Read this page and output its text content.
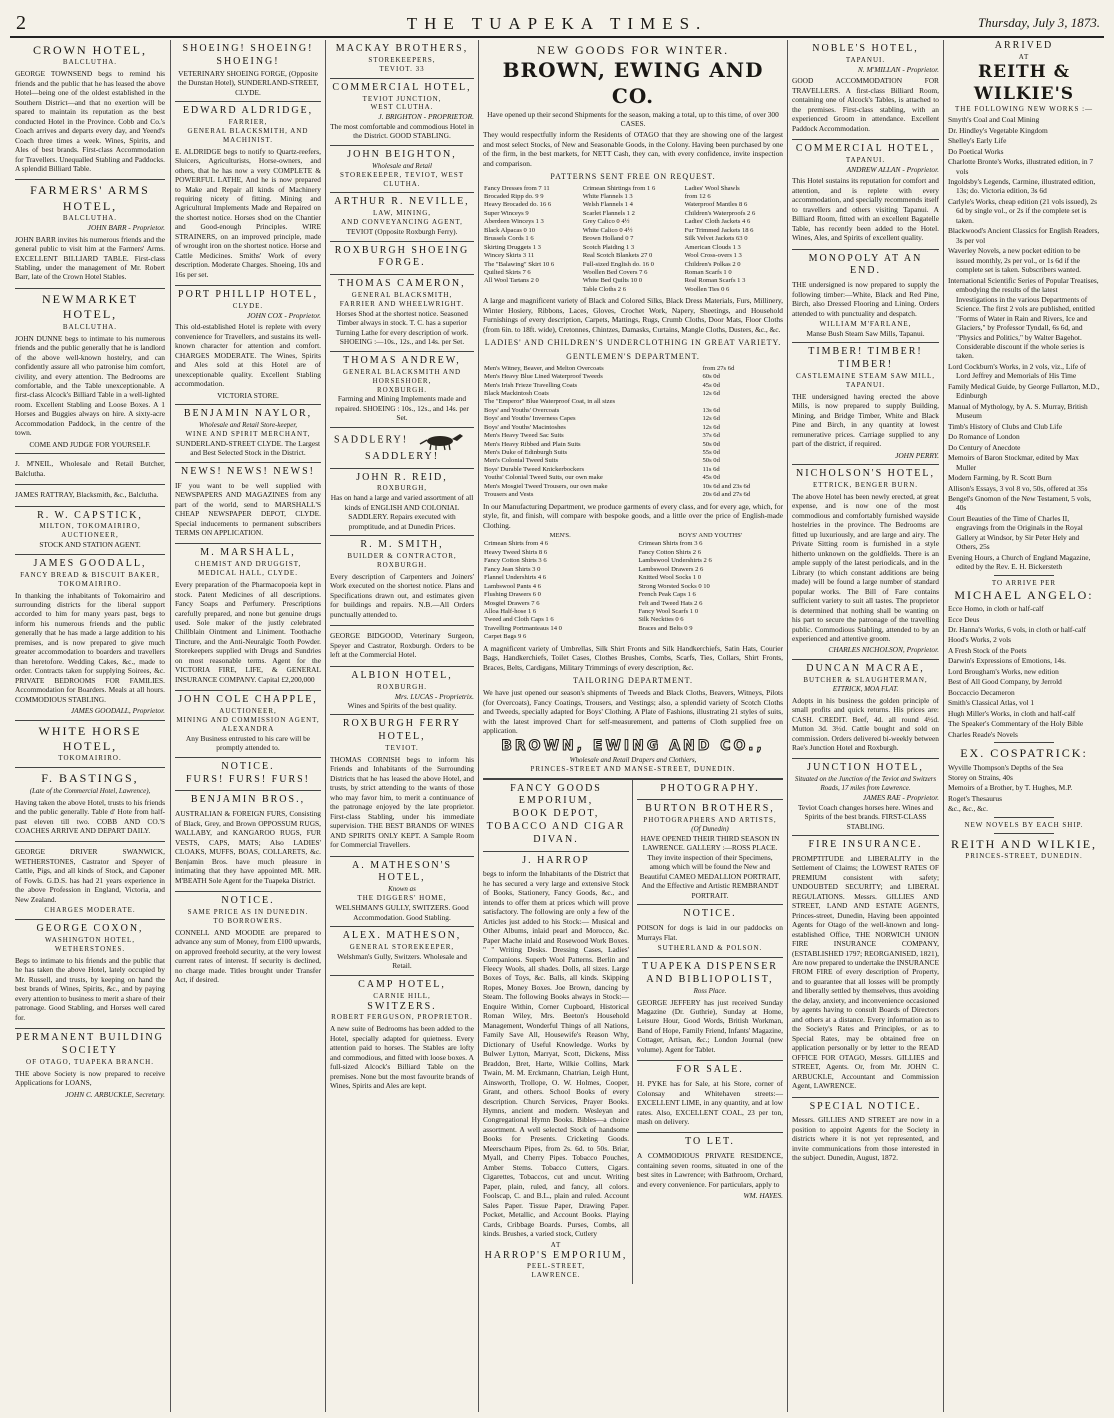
2	THE TUAPEKA TIMES.	Thursday, July 3, 1873.
CROWN HOTEL,
BALCLUTHA.
GEORGE TOWNSEND begs to remind his friends and the public that he has leased the above Hotel—being one of the oldest established in the Southern District—and that no exertion will be spared to maintain its reputation as the best conducted Hotel in the Province. Cobb and Co.'s Coach arrives and departs every day, and Yeend's Coach three times a week. Wines, Spirits, and Ales of best brands. First-class Accommodation for Travellers. Unequalled Stabling and Paddocks. A splendid Billiard Table.
FARMERS' ARMS HOTEL,
BALCLUTHA.
JOHN BARR - Proprietor.
JOHN BARR invites his numerous friends and the general public to visit him at the Farmers' Arms. EXCELLENT BILLIARD TABLE. First-class Stabling, under the management of Mr. Robert Barr, late of the Crown Hotel Stables.
NEWMARKET HOTEL,
BALCLUTHA.
JOHN DUNNE begs to intimate to his numerous friends and the public generally that he is landlord of the above well-known hostelry, and can confidently assure all who patronise him comfort, civility, and every attention. The Bedrooms are comfortable, and the Table unexceptionable. A first-class Alcock's Billiard Table in a well-lighted room. Excellent Stabling and Loose Boxes. A 1 Horses and Buggies always on hire. A sixty-acre Accommodation Paddock, in the centre of the town.
COME AND JUDGE FOR YOURSELF.
J. M'NEIL, Wholesale and Retail Butcher, Balclutha.
JAMES RATTRAY, Blacksmith, &c., Balclutha.
R. W. CAPSTICK,
MILTON, TOKOMAIRIRO,
AUCTIONEER,
STOCK AND STATION AGENT.
JAMES GOODALL,
FANCY BREAD & BISCUIT BAKER, TOKOMAIRIRO.
In thanking the inhabitants of Tokomairiro and surrounding districts for the liberal support accorded to him for many years past, begs to inform his numerous friends and the public generally that he has made a large addition to his premises, and is now prepared to give much greater accommodation to boarders and travellers than heretofore. Wedding Cakes, &c., made to order. Contracts taken for supplying Soirees, &c. PRIVATE BEDROOMS FOR FAMILIES. Accommodation for Boarders. Meals at all hours. COMMODIOUS STABLING.
JAMES GOODALL, Proprietor.
WHITE HORSE HOTEL,
TOKOMAIRIRO.
F. BASTINGS,
(Late of the Commercial Hotel, Lawrence),
Having taken the above Hotel, trusts to his friends and the public generally. Table d' Hote from half-past eleven till two. COBB AND CO.'S COACHES ARRIVE AND DEPART DAILY.
GEORGE DRIVER SWANWICK, WETHERSTONES, Castrator and Speyer of Cattle, Pigs, and all kinds of Stock, and Caponer of Fowls. G.D.S. has had 21 years experience in the above Profession in England, Victoria, and New Zealand.
CHARGES MODERATE.
GEORGE COXON,
WASHINGTON HOTEL, WETHERSTONES.
Begs to intimate to his friends and the public that he has taken the above Hotel, lately occupied by Mr. Russell, and trusts, by keeping on hand the best brands of Wines, Spirits, &c., and by paying every attention to business to merit a share of their patronage. Good Stabling, and Horses well cared for.
PERMANENT BUILDING SOCIETY
OF OTAGO, TUAPEKA BRANCH.
THE above Society is now prepared to receive Applications for LOANS,
JOHN C. ARBUCKLE, Secretary.
SHOEING! SHOEING! SHOEING!
VETERINARY SHOEING FORGE, (Opposite the Dunstan Hotel), SUNDERLAND-STREET, CLYDE.
EDWARD ALDRIDGE,
FARRIER,
GENERAL BLACKSMITH, AND MACHINIST.
E. ALDRIDGE begs to notify to Quartz-reefers, Sluicers, Agriculturists, Horse-owners, and others, that he has now a very COMPLETE & POWERFUL LATHE, And he is now prepared to Make and Repair all kinds of Machinery requiring nicety of fitting. Mining and Agricultural Implements Made and Repaired on the shortest notice. Horses shod on the Chantier and Good-enough Principles. WIRE STRAINERS, on an improved principle, made of wrought iron on the shortest notice. Horse and Cattle Medicines. Smiths' Work of every description. Moderate Charges. Shoeing, 10s and 16s per set.
PORT PHILLIP HOTEL,
CLYDE.
JOHN COX - Proprietor.
This old-established Hotel is replete with every convenience for Travellers, and sustains its well-known character for attention and comfort. CHARGES MODERATE. The Wines, Spirits and Ales sold at this Hotel are of unexceptionable quality. Excellent Stabling accommodation.
VICTORIA STORE.
BENJAMIN NAYLOR,
Wholesale and Retail Store-keeper,
WINE AND SPIRIT MERCHANT,
SUNDERLAND-STREET CLYDE. The Largest and Best Selected Stock in the District.
NEWS! NEWS! NEWS!
IF you want to be well supplied with NEWSPAPERS AND MAGAZINES from any part of the world, send to MARSHALL'S CHEAP NEWSPAPER DEPOT, CLYDE. Special inducements to permanent subscribers TERMS ON APPLICATION.
M. MARSHALL,
CHEMIST AND DRUGGIST,
MEDICAL HALL, CLYDE.
Every preparation of the Pharmacopoeia kept in stock. Patent Medicines of all descriptions. Fancy Soaps and Perfumery. Prescriptions carefully prepared, and none but genuine drugs used. Sole maker of the justly celebrated Chillblain Ointment and Liniment. Toothache Tincture, and the Anti-Neuralgic Tooth Powder. Storekeepers supplied with Drugs and Sundries on most reasonable terms. Agent for the VICTORIA FIRE, LIFE, & GENERAL INSURANCE COMPANY. Capital £2,200,000
JOHN COLE CHAPPLE,
AUCTIONEER,
MINING AND COMMISSION AGENT, ALEXANDRA
Any Business entrusted to his care will be promptly attended to.
NOTICE.
FURS! FURS! FURS!
BENJAMIN BROS.,
AUSTRALIAN & FOREIGN FURS, Consisting of Black, Grey, and Brown OPPOSSUM RUGS, WALLABY, and KANGAROO RUGS, FUR VESTS, CAPS, MATS; Also LADIES' CLOAKS, MUFFS, BOAS, COLLARETS, &c. Benjamin Bros. have much pleasure in intimating that they have appointed MR. MR. M'BEATH Sole Agent for the Tuapeka District.
NOTICE.
SAME PRICE AS IN DUNEDIN.
TO BORROWERS.
CONNELL AND MOODIE are prepared to advance any sum of Money, from £100 upwards, on approved freehold security, at the very lowest current rates of interest. If security is declined, no charge made. Titles brought under Transfer Act, if desired.
MACKAY BROTHERS,
STOREKEEPERS,
TEVIOT. 33
COMMERCIAL HOTEL,
TEVIOT JUNCTION,
WEST CLUTHA.
J. BRIGHTON - PROPRIETOR.
The most comfortable and commodious Hotel in the District. GOOD STABLING.
JOHN BEIGHTON,
Wholesale and Retail
STOREKEEPER, TEVIOT, WEST CLUTHA.
ARTHUR R. NEVILLE,
LAW, MINING,
AND CONVEYANCING AGENT,
TEVIOT (Opposite Roxburgh Ferry).
ROXBURGH SHOEING FORGE.
THOMAS CAMERON,
GENERAL BLACKSMITH,
FARRIER AND WHEELWRIGHT.
Horses Shod at the shortest notice. Seasoned Timber always in stock. T. C. has a superior Turning Lathe for every description of work. SHOEING :—10s., 12s., and 14s. per Set.
THOMAS ANDREW,
GENERAL BLACKSMITH AND HORSESHOER,
ROXBURGH.
Farming and Mining Implements made and repaired. SHOEING : 10s., 12s., and 14s. per Set.
SADDLERY!  SADDLERY!
JOHN R. REID,
ROXBURGH,
Has on hand a large and varied assortment of all kinds of ENGLISH AND COLONIAL SADDLERY. Repairs executed with promptitude, and at Dunedin Prices.
R. M. SMITH,
BUILDER & CONTRACTOR,
ROXBURGH.
Every description of Carpenters and Joiners' Work executed on the shortest notice. Plans and Specifications drawn out, and estimates given for buildings and repairs. N.B.—All Orders punctually attended to.
GEORGE BIDGOOD, Veterinary Surgeon, Speyer and Castrator, Roxburgh. Orders to be left at the Commercial Hotel.
ALBION HOTEL,
ROXBURGH.
Mrs. LUCAS - Proprietrix.
Wines and Spirits of the best quality.
ROXBURGH FERRY HOTEL,
TEVIOT.
THOMAS CORNISH begs to inform his Friends and Inhabitants of the Surrounding Districts that he has leased the above Hotel, and trusts, by strict attending to the wants of those who may favor him, to merit a continuance of the patronage enjoyed by the late proprietor. First-class Stabling, under his immediate supervision. THE BEST BRANDS OF WINES AND SPIRITS ONLY KEPT. A Sample Room for Commercial Travellers.
A. MATHESON'S HOTEL,
Known as
THE DIGGERS' HOME,
WELSHMAN'S GULLY, SWITZERS. Good Accommodation. Good Stabling.
ALEX. MATHESON,
GENERAL STOREKEEPER,
Welshman's Gully, Switzers. Wholesale and Retail.
CAMP HOTEL,
CARNIE HILL,
SWITZERS.
ROBERT FERGUSON, PROPRIETOR.
A new suite of Bedrooms has been added to the Hotel, specially adapted for quietness. Every attention paid to horses. The Stables are lofty and commodious, and fitted with loose boxes. A full-sized Alcock's Billiard Table on the premises. None but the most favourite brands of Wines, Spirits and Ales are kept.
NEW GOODS FOR WINTER.
BROWN, EWING AND CO.
Have opened up their second Shipments for the season, making a total, up to this time, of over 300 CASES.
They would respectfully inform the Residents of OTAGO that they are showing one of the largest and most select Stocks, of New and Seasonable Goods, in the Colony. Having been purchased by one of the firm, in the best markets, for NETT Cash, they can, with every confidence, invite inspection and comparison.
PATTERNS SENT FREE ON REQUEST.
Fancy Dresses from 7 11	Crimean Shirtings from 1 6	Ladies' Wool Shawls
Brocaded Ripp do. 9 9	White Flannels 1 3	from 12 6
Heavy Brocaded do. 16 6	Welsh Flannels 1 4	Waterproof Mantles 8 6
Super Winceys 9	Scarlet Flannels 1 2	Children's Waterproofs 2 6
Aberdeen Winceys 1 3	Grey Calico 0 4½	Ladies' Cloth Jackets 4 6
Black Alpacas 0 10	White Calico 0 4½	Fur Trimmed Jackets 18 6
Brussels Cords 1 6	Brown Holland 0 7	Silk Velvet Jackets 63 0
Skirting Druggets 1 3	Scotch Plaiding 1 3	American Clouds 1 3
Wincey Skirts 3 11	Real Scotch Blankets 27 0	Wool Cross-overs 1 3
The "Balawing" Skirt 10 6	Full-sized English do. 16 0	Children's Polkas 2 0
Quilted Skirts 7 6	Woollen Bed Covers 7 6	Roman Scarfs 1 0
All Wool Tartans 2 0	White Bed Quilts 10 0	Real Roman Scarfs 1 3
	Table Cloths 2 6	Woollen Ties 0 6
A large and magnificent variety of Black and Colored Silks, Black Dress Materials, Furs, Millinery, Winter Hosiery, Ribbons, Laces, Gloves, Crochet Work, Napery, Sheetings, and Household Furnishings of every description, Carpets, Mattings, Rugs, Crumb Cloths, Door Mats, Floor Cloths (from 6in. to 18ft. wide), Cretonnes, Chintzes, Damasks, Curtains, Mangle Cloths, Dusters, &c., &c.
LADIES' AND CHILDREN'S UNDERCLOTHING IN GREAT VARIETY.
GENTLEMEN'S DEPARTMENT.
Men's Witney, Beaver, and Melton Overcoats	from 27s 6d
Men's Heavy Blue Lined Waterproof Tweeds	60s 0d
Men's Irish Frieze Travelling Coats	45s 0d
Black Mackintosh Coats	12s 6d
The "Emperor" Blue Waterproof Coat, in all sizes	
Boys' and Youths' Overcoats	13s 6d
Boys' and Youths' Inverness Capes	12s 6d
Boys' and Youths' Macintoshes	12s 6d
Men's Heavy Tweed Sac Suits	37s 6d
Men's Heavy Ribbed and Plain Suits	50s 0d
Men's Duke of Edinburgh Suits	55s 0d
Men's Colonial Tweed Suits	50s 0d
Boys' Durable Tweed Knickerbockers	11s 6d
Youths' Colonial Tweed Suits, our own make	45s 0d
Men's Mosgiel Tweed Trousers, our own make	10s 6d and 23s 6d
Trousers and Vests	20s 6d and 27s 6d
In our Manufacturing Department, we produce garments of every class, and for every age, which, for style, fit, and finish, will compare with bespoke goods, and a little over the price of English-made Clothing.
MEN'S.	BOYS' AND YOUTHS'
Crimean Shirts from 4 6	Crimean Shirts from 3 6
Heavy Tweed Shirts 8 6	Fancy Cotton Shirts 2 6
Fancy Cotton Shirts 3 6	Lambswool Undershirts 2 6
Fancy Jean Shirts 3 0	Lambswool Drawers 2 6
Flannel Undershirts 4 6	Knitted Wool Socks 1 0
Lambswool Pants 4 6	Strong Worsted Socks 0 10
Flushing Drawers 6 0	French Peak Caps 1 6
Mosgiel Drawers 7 6	Felt and Tweed Hats 2 6
Alloa Half-hose 1 6	Fancy Wool Scarfs 1 0
Tweed and Cloth Caps 1 6	Silk Neckties 0 6
Travelling Portmanteaus 14 0	Braces and Belts 0 9
Carpet Bags 9 6	
A magnificent variety of Umbrellas, Silk Shirt Fronts and Silk Handkerchiefs, Satin Hats, Courier Bags, Handkerchiefs, Toilet Cases, Clothes Brushes, Combs, Scarfs, Ties, Collars, Shirt Fronts, Braces, Belts, Cardigans, Military Trimmings of every description, &c.
TAILORING DEPARTMENT.
We have just opened our season's shipments of Tweeds and Black Cloths, Beavers, Witneys, Pilots (for Overcoats), Fancy Coatings, Trousers, and Vestings; also, a splendid variety of Scotch Cloths and Tweeds, specially adapted for Boys' Clothing. A Plate of Fashions, illustrating 21 styles of suits, with the latest improved Chart for self-measurement, and patterns of Cloth supplied free on application.
BROWN, EWING AND CO.,
Wholesale and Retail Drapers and Clothiers,
PRINCES-STREET AND MANSE-STREET, DUNEDIN.
FANCY GOODS EMPORIUM,
BOOK DEPOT,
TOBACCO AND CIGAR DIVAN.
J. HARROP
begs to inform the Inhabitants of the District that he has secured a very large and extensive Stock of Books, Stationery, Fancy Goods, &c., and intends to offer them at prices which will prove satisfactory. The following are only a few of the Articles just added to his Stock:— Musical and Other Albums, inlaid pearl and Morocco, &c. Paper Mache inlaid and Rosewood Work Boxes. " " Writing Desks. Dressing Cases, Ladies' Companions. Superb Wool Patterns. Berlin and Fleecy Wools, all shades. Dolls, all sizes. Large Boxes of Toys, &c. Balls, all kinds. Skipping Ropes, Money Boxes. Joe Brown, dancing by Steam. The following Books always in Stock:—Enquire Within, Corner Cupboard, Historical Roman Wiley, Mrs. Beeton's Household Management, Wonderful Things of all Nations, Family Save All, Housewife's Reason Why, Dictionary of Useful Knowledge. Works by Bulwer Lytton, Marryat, Scott, Dickens, Miss Braddon, Bret, Harte, Wilkie Collins, Mark Twain, M. M. Erckmann, Chatrian, Leigh Hunt, Ainsworth, Trollope, O. W. Holmes, Cooper, Grant, and others. School Books of every description. Church Services, Prayer Books. Hymns, ancient and modern. Wesleyan and Congregational Hymn Books. Bibles—a choice assortment. A well selected Stock of handsome Books for Presents. Cricketing Goods. Meerschaum Pipes, from 2s. 6d. to 50s. Briar, Myall, and Cherry Pipes. Tobacco Pouches, Amber Stems. Tobacco Cutters, Cigars. Cigarettes, Tobaccos, cut and uncut. Writing Paper, plain, ruled, and fancy, all colors. Foolscap, C. and B.L., plain and ruled. Account Sales Paper. Tissue Paper, Drawing Paper. Pocket, Metallic, and Account Books. Playing Cards, Cribbage Boards. Purses, Combs, all kinds. Brushes, a varied stock, Cutlery
AT
HARROP'S EMPORIUM,
PEEL-STREET,
LAWRENCE.
PHOTOGRAPHY.
BURTON BROTHERS,
PHOTOGRAPHERS AND ARTISTS,
(Of Dunedin)
HAVE OPENED THEIR THIRD SEASON IN LAWRENCE. GALLERY :—ROSS PLACE. They invite inspection of their Specimens, among which will be found the New and Beautiful CAMEO MEDALLION PORTRAIT, And the Effective and Artistic REMBRANDT PORTRAIT.
NOTICE.
POISON for dogs is laid in our paddocks on Murrays Flat.
SUTHERLAND & POLSON.
TUAPEKA DISPENSER AND BIBLIOPOLIST,
Ross Place.
GEORGE JEFFERY has just received Sunday Magazine (Dr. Guthrie), Sunday at Home, Leisure Hour, Good Words, British Workman, Band of Hope, Family Friend, Infants' Magazine, Cottager, Artisan, &c.; London Journal (new volume). Agent for Tablet.
FOR SALE.
H. PYKE has for Sale, at his Store, corner of Colonsay and Whitehaven streets:— EXCELLENT LIME, in any quantity, and at low rates. Also, EXCELLENT COAL, 23 per ton, mash on delivery.
TO LET.
A COMMODIOUS PRIVATE RESIDENCE, containing seven rooms, situated in one of the best sites in Lawrence; with Bathroom, Orchard, and every convenience. For particulars, apply to
WM. HAYES.
NOBLE'S HOTEL,
TAPANUI.
N. M'MILLAN - Proprietor.
GOOD ACCOMMODATION FOR TRAVELLERS. A first-class Billiard Room, containing one of Alcock's Tables, is attached to the premises. First-class stabling, with an experienced Groom in attendance. Excellent Paddock Accommodation.
COMMERCIAL HOTEL,
TAPANUI.
ANDREW ALLAN - Proprietor.
This Hotel sustains its reputation for comfort and attention, and is replete with every accommodation, and specially recommends itself to travellers and others visiting Tapanui. A Billiard Room, fitted with an excellent Bagatelle Table, has recently been added to the Hotel. Wines, Ales, and Spirits of excellent quality.
MONOPOLY AT AN END.
THE undersigned is now prepared to supply the following timber:—White, Black and Red Pine, Birch, also Dressed Flooring and Lining. Orders attended to with punctuality and despatch.
WILLIAM M'FARLANE,
Manse Bush Steam Saw Mills, Tapanui.
TIMBER! TIMBER! TIMBER!
CASTLEMAINE STEAM SAW MILL, TAPANUI.
THE undersigned having erected the above Mills, is now prepared to supply Building, Mining, and Bridge Timber, White and Black Pine and Birch, in any quantity at lowest remunerative prices. Carriage supplied to any part of the district, if required.
JOHN PERRY.
NICHOLSON'S HOTEL,
ETTRICK, BENGER BURN.
The above Hotel has been newly erected, at great expense, and is now one of the most commodious and comfortably furnished wayside hostelries in the province. The Bedrooms are fitted up luxuriously, and are large and airy. The Private Sitting room is furnished in a style hitherto unknown on the goldfields. There is an ample supply of the latest periodicals, and in the Library (to which constant additions are being made) will be found a large number of standard popular works. The Bill of Fare contains sufficient variety to suit all tastes. The proprietor is determined that nothing shall be wanting on his part to secure the patronage of the travelling public. Commodious Stabling, attended to by an experienced and attentive groom.
CHARLES NICHOLSON, Proprietor.
DUNCAN MACRAE,
BUTCHER & SLAUGHTERMAN,
ETTRICK, MOA FLAT.
Adopts in his business the golden principle of small profits and quick returns. His prices are: CASH. CREDIT. Beef, 4d. all round 4½d. Mutton 3d. 3½d. Cattle bought and sold on commission. Orders delivered bi-weekly between Rae's Junction Hotel and Roxburgh.
JUNCTION HOTEL,
Situated on the Junction of the Teviot and Switzers Roads, 17 miles from Lawrence.
JAMES RAE - Proprietor.
Teviot Coach changes horses here. Wines and Spirits of the best brands. FIRST-CLASS STABLING.
FIRE INSURANCE.
PROMPTITUDE and LIBERALITY in the Settlement of Claims; the LOWEST RATES OF PREMIUM consistent with safety; UNDOUBTED SECURITY; and LIBERAL REGULATIONS. Messrs. GILLIES AND STREET, LAND AND ESTATE AGENTS, Princes-street, Dunedin, Having been appointed Agents for Otago of the well-known and long-established Office, THE NORWICH UNION FIRE INSURANCE COMPANY, (ESTABLISHED 1797; REORGANISED, 1821), Are now prepared to undertake the INSURANCE FROM FIRE of every description of Property, and to guarantee that all losses will be promptly and liberally settled by themselves, thus avoiding the delay, anxiety, and inconvenience occasioned by agents having to consult Boards of Directors and others at a distance. Every information as to the Society's Rates and Principles, or as to Special Rates, may be obtained free on application personally or by letter to the READ OFFICE FOR OTAGO, Messrs. GILLIES and STREET, Agents. Or, from Mr. JOHN C. ARBUCKLE, Accountant and Commission Agent, LAWRENCE.
SPECIAL NOTICE.
Messrs. GILLIES AND STREET are now in a position to appoint Agents for the Society in districts where it is not yet represented, and invite communications from those interested in the subject. Dunedin, August, 1872.
ARRIVED
AT
REITH & WILKIE'S
THE FOLLOWING NEW WORKS :—
Smyth's Coal and Coal Mining
Dr. Hindley's Vegetable Kingdom
Shelley's Early Life
Do Poetical Works
Charlotte Bronte's Works, illustrated edition, in 7 vols
Ingoldsby's Legends, Carmine, illustrated edition, 13s; do. Victoria edition, 3s 6d
Carlyle's Works, cheap edition (21 vols issued), 2s 6d by single vol., or 2s if the complete set is taken.
Blackwood's Ancient Classics for English Readers, 3s per vol
Waverley Novels, a new pocket edition to be issued monthly, 2s per vol., or 1s 6d if the complete set is taken. Subscribers wanted.
International Scientific Series of Popular Treatises, embodying the results of the latest Investigations in the various Departments of Science. The first 2 vols are published, entitled "Forms of Water in Rain and Rivers, Ice and Glaciers," by Professor Tyndall, 6s 6d, and "Physics and Politics," by Walter Bagehot. Considerable discount if the whole series is taken.
Lord Cockburn's Works, in 2 vols, viz., Life of Lord Jeffrey and Memorials of His Time
Family Medical Guide, by George Fullarton, M.D., Edinburgh
Manual of Mythology, by A. S. Murray, British Museum
Timb's History of Clubs and Club Life
Do Romance of London
Do Century of Anecdote
Memoirs of Baron Stockmar, edited by Max Muller
Modern Farming, by R. Scott Burn
Allison's Essays, 3 vol 8 vo, 50s, offered at 35s
Bengel's Gnomon of the New Testament, 5 vols, 40s
Court Beauties of the Time of Charles II, engravings from the Originals in the Royal Gallery at Windsor, by Sir Peter Hely and Others, 25s
Evening Hours, a Church of England Magazine, edited by the Rev. E. H. Bickersteth
TO ARRIVE PER
MICHAEL ANGELO:
Ecce Homo, in cloth or half-calf
Ecce Deus
Dr. Hanna's Works, 6 vols, in cloth or half-calf
Hood's Works, 2 vols
A Fresh Stock of the Poets
Darwin's Expressions of Emotions, 14s.
Lord Brougham's Works, new edition
Best of All Good Company, by Jerrold
Boccaccio Decameron
Smith's Classical Atlas, vol 1
Hugh Miller's Works, in cloth and half-calf
The Speaker's Commentary of the Holy Bible
Charles Reade's Novels
EX. COSPATRICK:
Wyville Thompson's Depths of the Sea
Storey on Strains, 40s
Memoirs of a Brother, by T. Hughes, M.P.
Roget's Thesaurus
&c., &c., &c.
NEW NOVELS BY EACH SHIP.
REITH AND WILKIE,
PRINCES-STREET, DUNEDIN.
